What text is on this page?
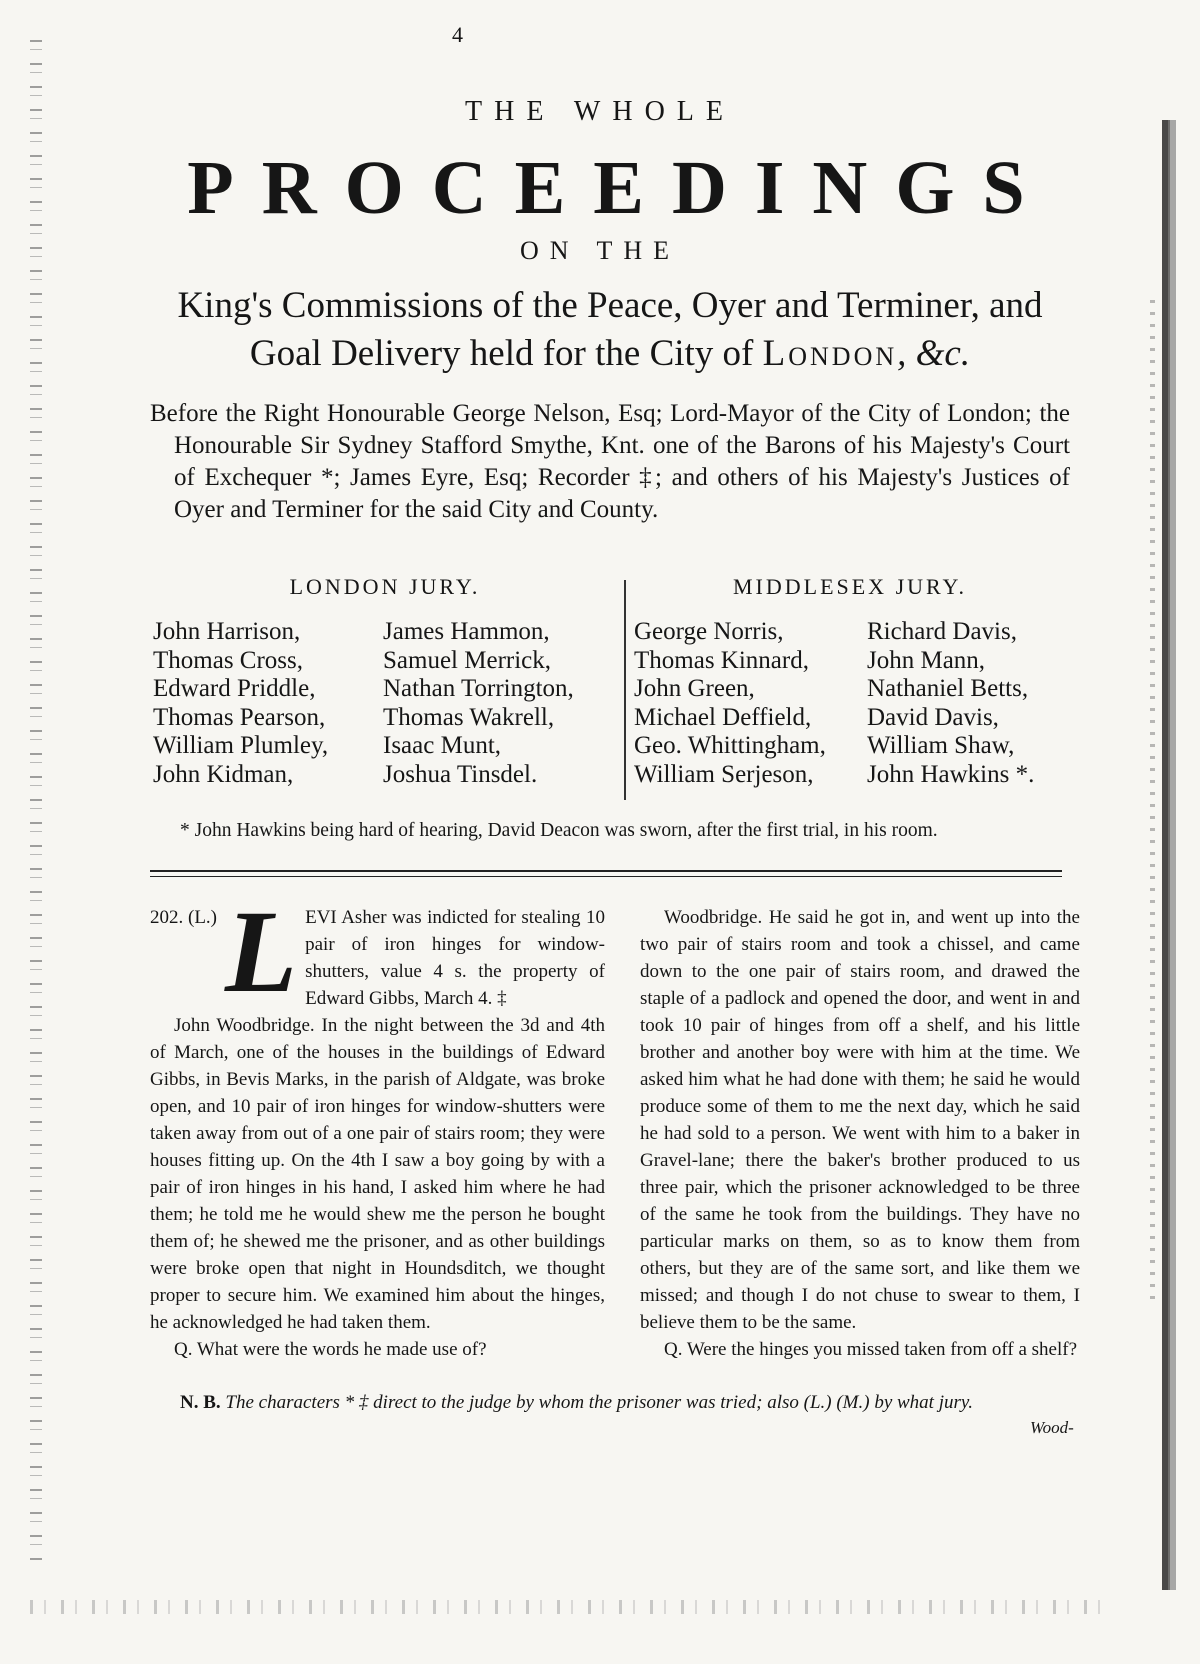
4
THE WHOLE
PROCEEDINGS
ON THE
King's Commissions of the Peace, Oyer and Terminer, and
Goal Delivery held for the City of London, &c.

Before the Right Honourable George Nelson, Esq; Lord-Mayor of the City of London; the Honourable Sir Sydney Stafford Smythe, Knt. one of the Barons of his Majesty's Court of Exchequer *; James Eyre, Esq; Recorder ‡; and others of his Majesty's Justices of Oyer and Terminer for the said City and County.

LONDON JURY.	MIDDLESEX JURY.
John Harrison,
Thomas Cross,
Edward Priddle,
Thomas Pearson,
William Plumley,
John Kidman,
James Hammon,
Samuel Merrick,
Nathan Torrington,
Thomas Wakrell,
Isaac Munt,
Joshua Tinsdel.
George Norris,
Thomas Kinnard,
John Green,
Michael Deffield,
Geo. Whittingham,
William Serjeson,
Richard Davis,
John Mann,
Nathaniel Betts,
David Davis,
William Shaw,
John Hawkins *.
* John Hawkins being hard of hearing, David Deacon was sworn, after the first trial, in his room.

202. (L.) L EVI Asher was indicted for stealing 10 pair of iron hinges for window-shutters, value 4 s. the property of Edward Gibbs, March 4. ‡

John Woodbridge. In the night between the 3d and 4th of March, one of the houses in the buildings of Edward Gibbs, in Bevis Marks, in the parish of Aldgate, was broke open, and 10 pair of iron hinges for window-shutters were taken away from out of a one pair of stairs room; they were houses fitting up. On the 4th I saw a boy going by with a pair of iron hinges in his hand, I asked him where he had them; he told me he would shew me the person he bought them of; he shewed me the prisoner, and as other buildings were broke open that night in Houndsditch, we thought proper to secure him. We examined him about the hinges, he acknowledged he had taken them.

Q. What were the words he made use of?

Woodbridge. He said he got in, and went up into the two pair of stairs room and took a chissel, and came down to the one pair of stairs room, and drawed the staple of a padlock and opened the door, and went in and took 10 pair of hinges from off a shelf, and his little brother and another boy were with him at the time. We asked him what he had done with them; he said he would produce some of them to me the next day, which he said he had sold to a person. We went with him to a baker in Gravel-lane; there the baker's brother produced to us three pair, which the prisoner acknowledged to be three of the same he took from the buildings. They have no particular marks on them, so as to know them from others, but they are of the same sort, and like them we missed; and though I do not chuse to swear to them, I believe them to be the same.

Q. Were the hinges you missed taken from off a shelf?

N. B. The characters * ‡ direct to the judge by whom the prisoner was tried; also (L.) (M.) by what jury.
Wood-
